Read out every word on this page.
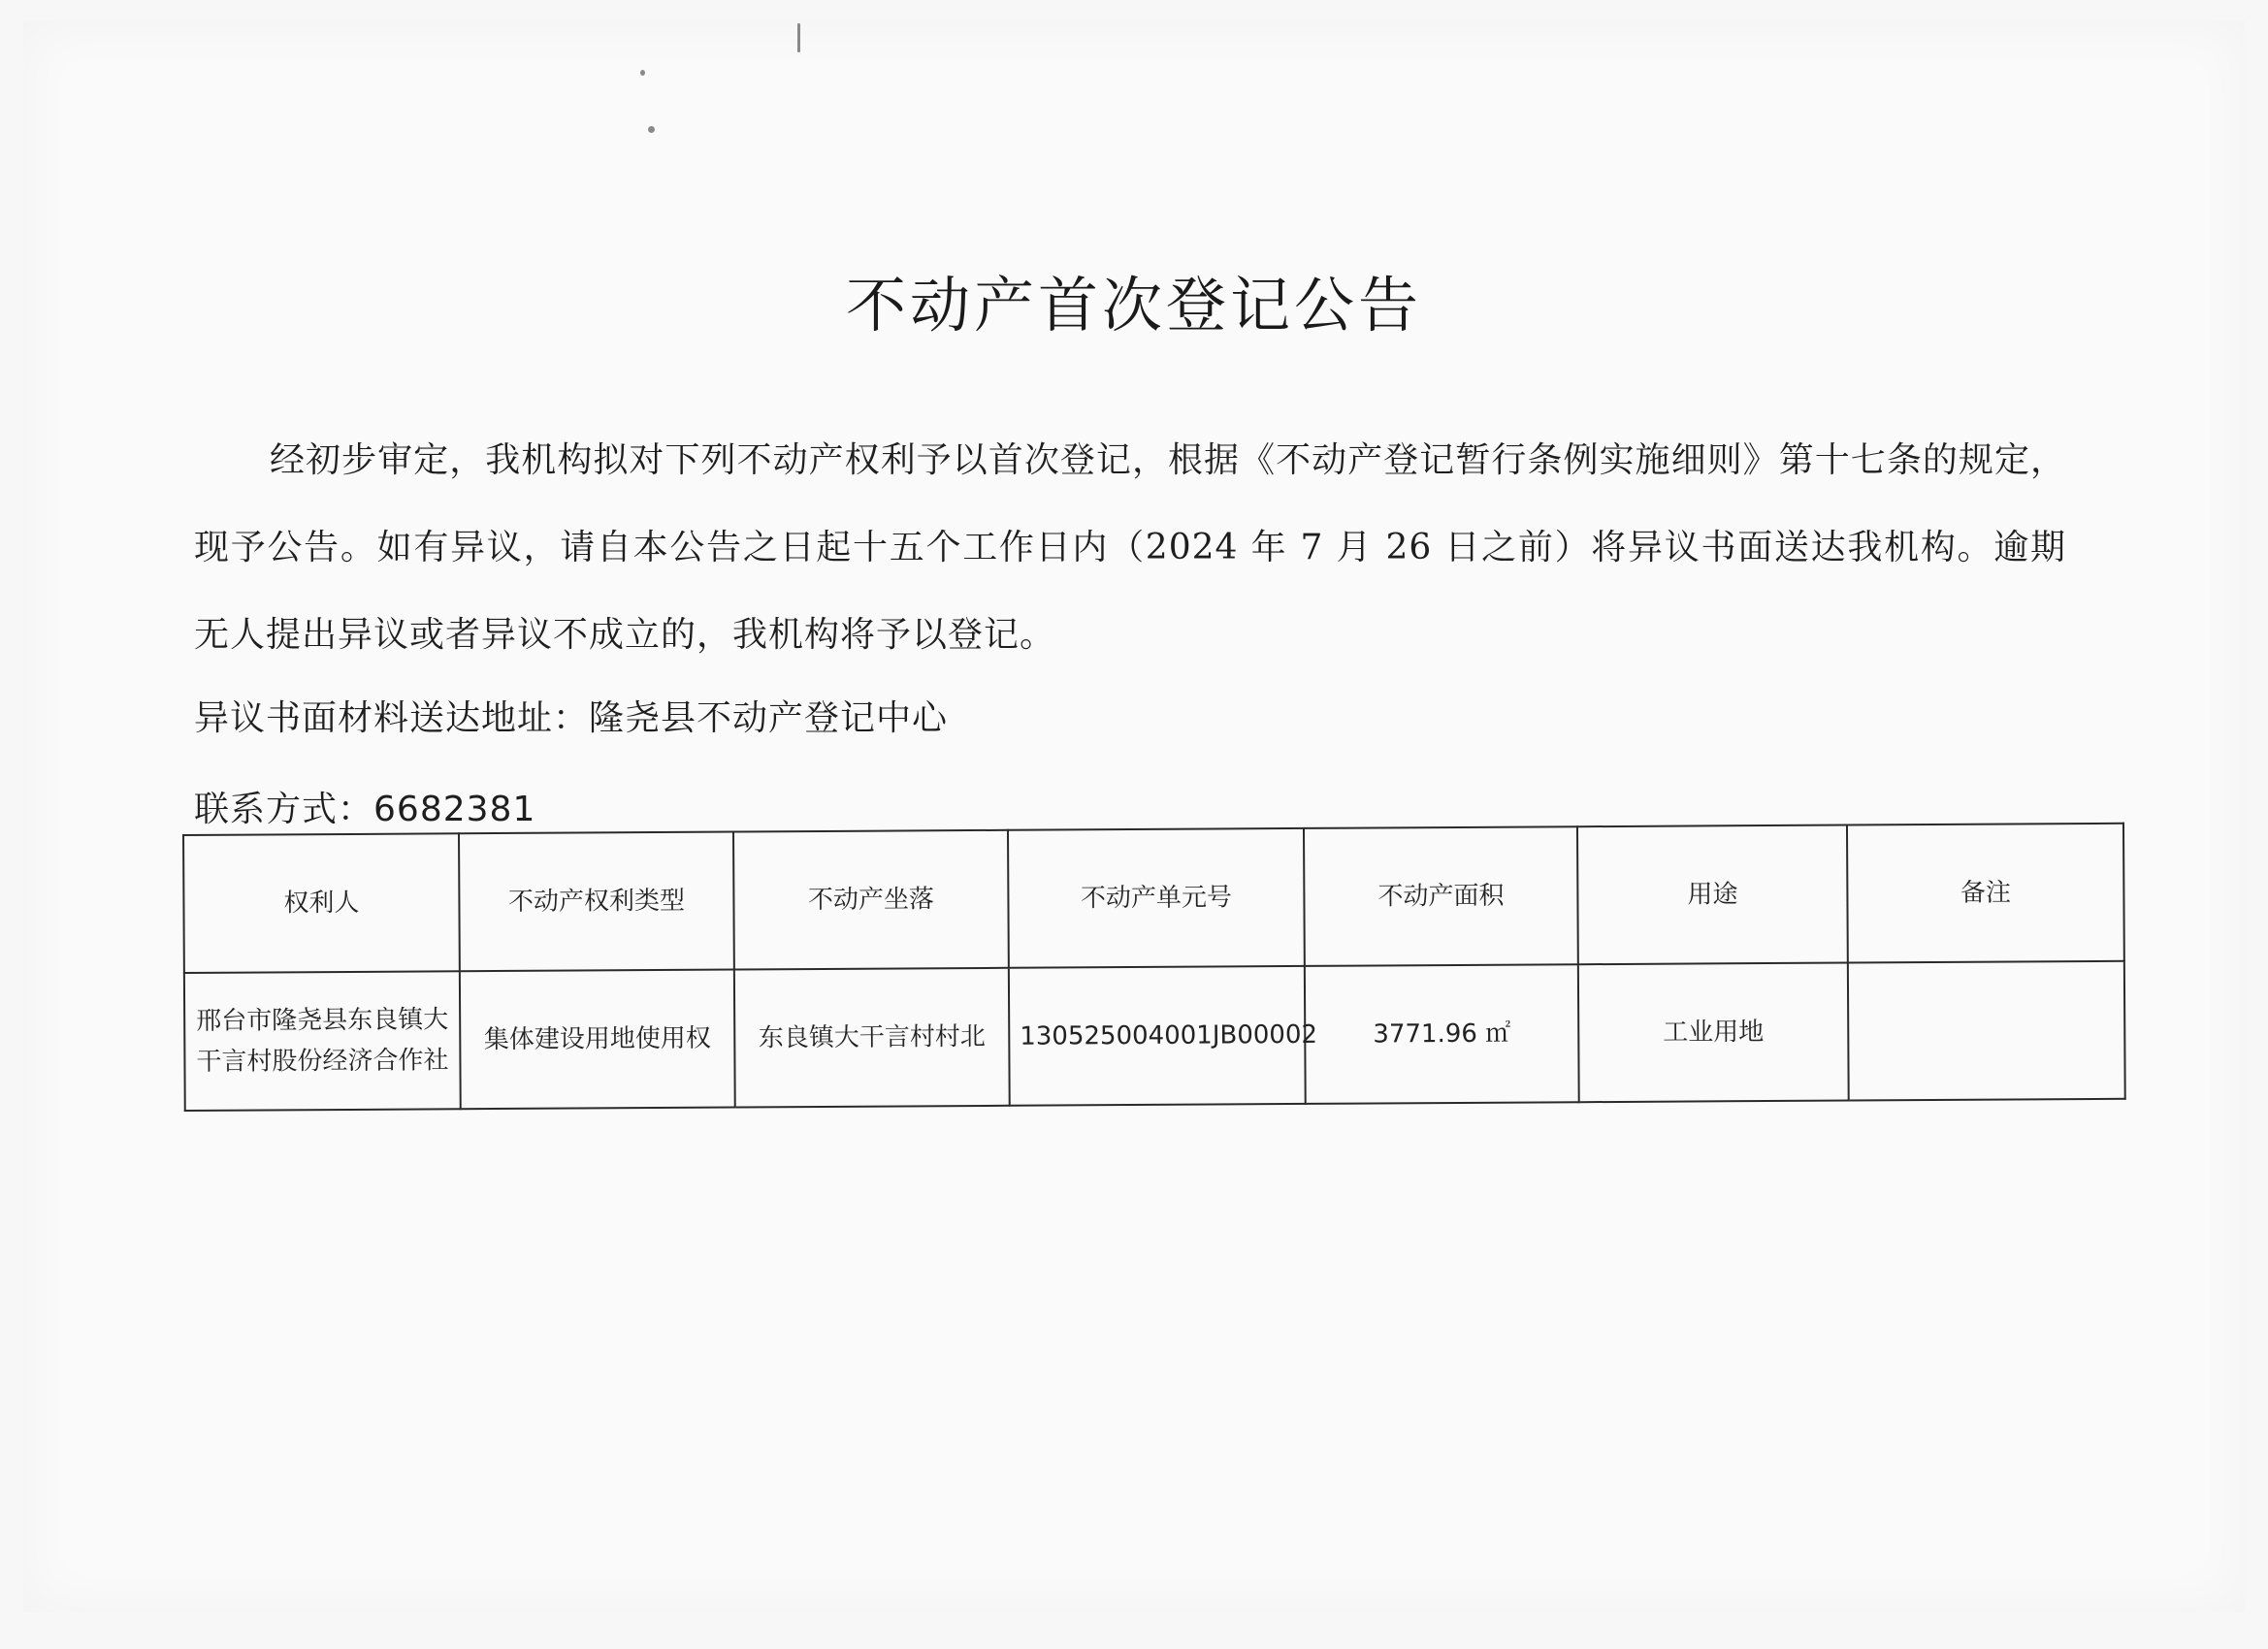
不动产首次登记公告
经初步审定，我机构拟对下列不动产权利予以首次登记，根据《不动产登记暂行条例实施细则》第十七条的规定，现予公告。如有异议，请自本公告之日起十五个工作日内（2024 年 7 月 26 日之前）将异议书面送达我机构。逾期无人提出异议或者异议不成立的，我机构将予以登记。
异议书面材料送达地址：隆尧县不动产登记中心
联系方式：6682381
权利人	不动产权利类型	不动产坐落	不动产单元号	不动产面积	用途	备注
邢台市隆尧县东良镇大干言村股份经济合作社	集体建设用地使用权	东良镇大干言村村北	130525004001JB00002	3771.96 ㎡	工业用地	
